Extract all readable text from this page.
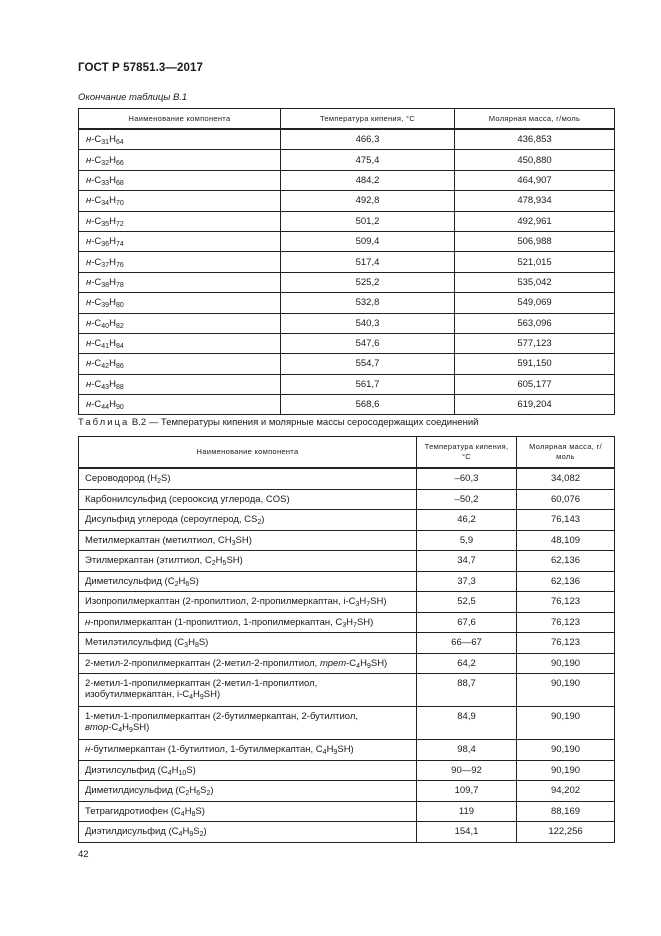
ГОСТ Р 57851.3—2017
Окончание таблицы В.1
Наименование компонента	Температура кипения, °С	Молярная масса, г/моль
$н-C_{31}H_{64}$	466,3	436,853
$н-C_{32}H_{66}$	475,4	450,880
$н-C_{33}H_{68}$	484,2	464,907
$н-C_{34}H_{70}$	492,8	478,934
$н-C_{35}H_{72}$	501,2	492,961
$н-C_{36}H_{74}$	509,4	506,988
$н-C_{37}H_{76}$	517,4	521,015
$н-C_{38}H_{78}$	525,2	535,042
$н-C_{39}H_{80}$	532,8	549,069
$н-C_{40}H_{82}$	540,3	563,096
$н-C_{41}H_{84}$	547,6	577,123
$н-C_{42}H_{86}$	554,7	591,150
$н-C_{43}H_{88}$	561,7	605,177
$н-C_{44}H_{90}$	568,6	619,204
Таблица В.2 — Температуры кипения и молярные массы серосодержащих соединений
Наименование компонента	Температура кипения, °С	Молярная масса, г/моль
Сероводород $(H_2S)$	–60,3	34,082
Карбонилсульфид (сероoксид углерода, COS)	–50,2	60,076
Дисульфид углерода (сероуглерод, $CS_2$)	46,2	76,143
Метилмеркаптан (метилтиол, $CH_3SH$)	5,9	48,109
Этилмеркаптан (этилтиол, $C_2H_5SH$)	34,7	62,136
Диметилсульфид $(C_2H_6S)$	37,3	62,136
Изопропилмеркаптан (2-пропилтиол, 2-пропилмеркаптан, $i-C_3H_7SH$)	52,5	76,123
н-пропилмеркаптан (1-пропилтиол, 1-пропилмеркаптан, $C_3H_7SH$)	67,6	76,123
Метилэтилсульфид $(C_3H_8S)$	66—67	76,123
2-метил-2-пропилмеркаптан (2-метил-2-пропилтиол, трет-$C_4H_9SH$)	64,2	90,190
2-метил-1-пропилмеркаптан (2-метил-1-пропилтиол,
изобутилмеркаптан, $i-C_4H_9SH$)	88,7	90,190
1-метил-1-пропилмеркаптан (2-бутилмеркаптан, 2-бутилтиол,
втор-$C_4H_9SH$)	84,9	90,190
н-бутилмеркаптан (1-бутилтиол, 1-бутилмеркаптан, $C_4H_9SH$)	98,4	90,190
Диэтилсульфид $(C_4H_{10}S)$	90—92	90,190
Диметилдисульфид $(C_2H_6S_2)$	109,7	94,202
Тетрагидротиофен $(C_4H_8S)$	119	88,169
Диэтилдисульфид $(C_4H_9S_2)$	154,1	122,256
42
